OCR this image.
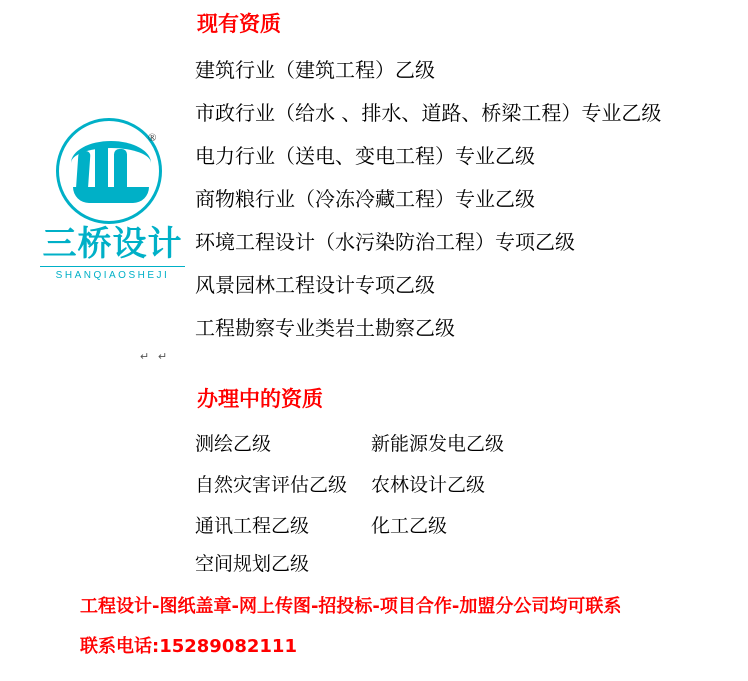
®
三桥设计
SHANQIAOSHEJI
现有资质
建筑行业（建筑工程）乙级
市政行业（给水 、排水、道路、桥梁工程）专业乙级
电力行业（送电、变电工程）专业乙级
商物粮行业（冷冻冷藏工程）专业乙级
环境工程设计（水污染防治工程）专项乙级
风景园林工程设计专项乙级
工程勘察专业类岩土勘察乙级
↵ ↵
办理中的资质
测绘乙级
自然灾害评估乙级
通讯工程乙级
空间规划乙级
新能源发电乙级
农林设计乙级
化工乙级
工程设计-图纸盖章-网上传图-招投标-项目合作-加盟分公司均可联系
联系电话:15289082111
